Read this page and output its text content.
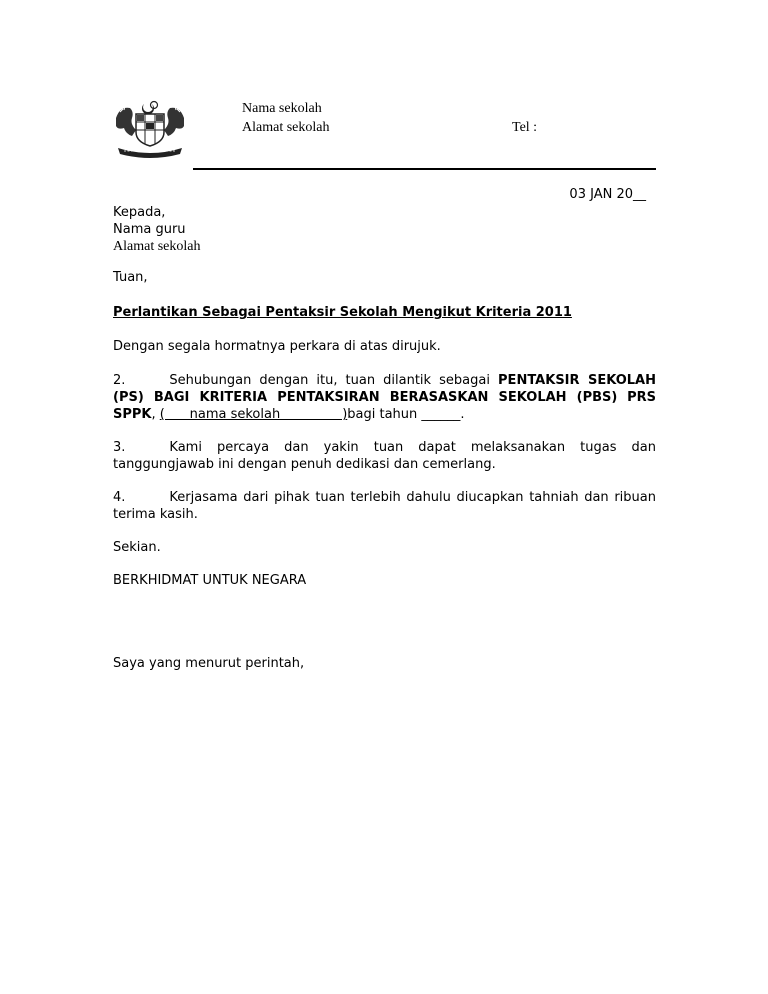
Nama sekolah
Alamat sekolah	Tel :
03 JAN 20__
Kepada,
Nama guru
Alamat sekolah
Tuan,
Perlantikan Sebagai Pentaksir Sekolah Mengikut Kriteria 2011
Dengan segala hormatnya perkara di atas dirujuk.
2.	Sehubungan dengan itu, tuan dilantik sebagai PENTAKSIR SEKOLAH (PS) BAGI KRITERIA PENTAKSIRAN BERASASKAN SEKOLAH (PBS) PRS SPPK, (      nama sekolah               )bagi tahun ______.
3.	Kami percaya dan yakin tuan dapat melaksanakan tugas dan tanggungjawab ini dengan penuh dedikasi dan cemerlang.
4.	Kerjasama dari pihak tuan terlebih dahulu diucapkan tahniah dan ribuan terima kasih.
Sekian.
BERKHIDMAT UNTUK NEGARA
Saya yang menurut perintah,
